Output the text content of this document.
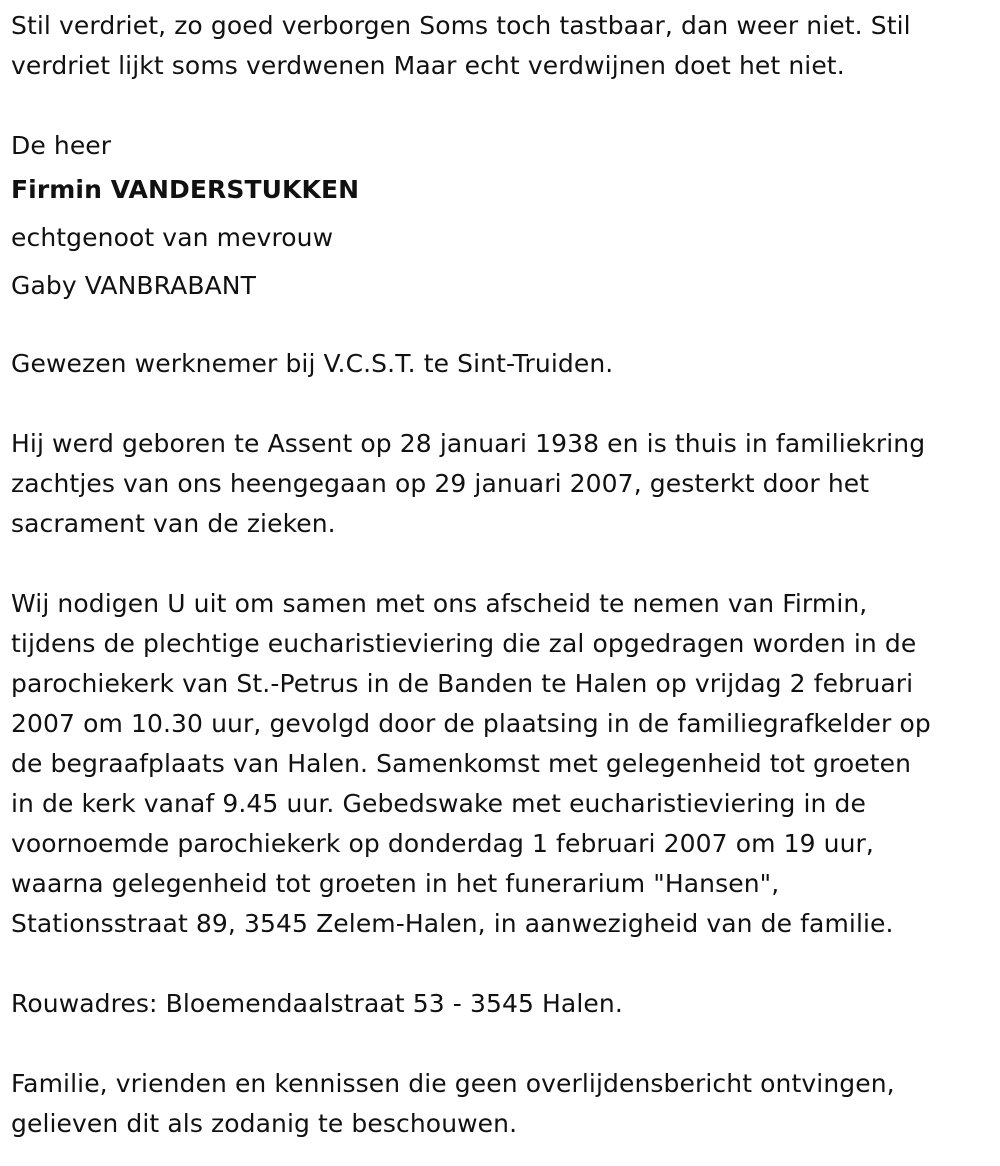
Stil verdriet, zo goed verborgen Soms toch tastbaar, dan weer niet. Stil
verdriet lijkt soms verdwenen Maar echt verdwijnen doet het niet.
De heer
Firmin VANDERSTUKKEN
echtgenoot van mevrouw
Gaby VANBRABANT
Gewezen werknemer bij V.C.S.T. te Sint-Truiden.
Hij werd geboren te Assent op 28 januari 1938 en is thuis in familiekring
zachtjes van ons heengegaan op 29 januari 2007, gesterkt door het
sacrament van de zieken.
Wij nodigen U uit om samen met ons afscheid te nemen van Firmin,
tijdens de plechtige eucharistieviering die zal opgedragen worden in de
parochiekerk van St.-Petrus in de Banden te Halen op vrijdag 2 februari
2007 om 10.30 uur, gevolgd door de plaatsing in de familiegrafkelder op
de begraafplaats van Halen. Samenkomst met gelegenheid tot groeten
in de kerk vanaf 9.45 uur. Gebedswake met eucharistieviering in de
voornoemde parochiekerk op donderdag 1 februari 2007 om 19 uur,
waarna gelegenheid tot groeten in het funerarium "Hansen",
Stationsstraat 89, 3545 Zelem-Halen, in aanwezigheid van de familie.
Rouwadres: Bloemendaalstraat 53 - 3545 Halen.
Familie, vrienden en kennissen die geen overlijdensbericht ontvingen,
gelieven dit als zodanig te beschouwen.
